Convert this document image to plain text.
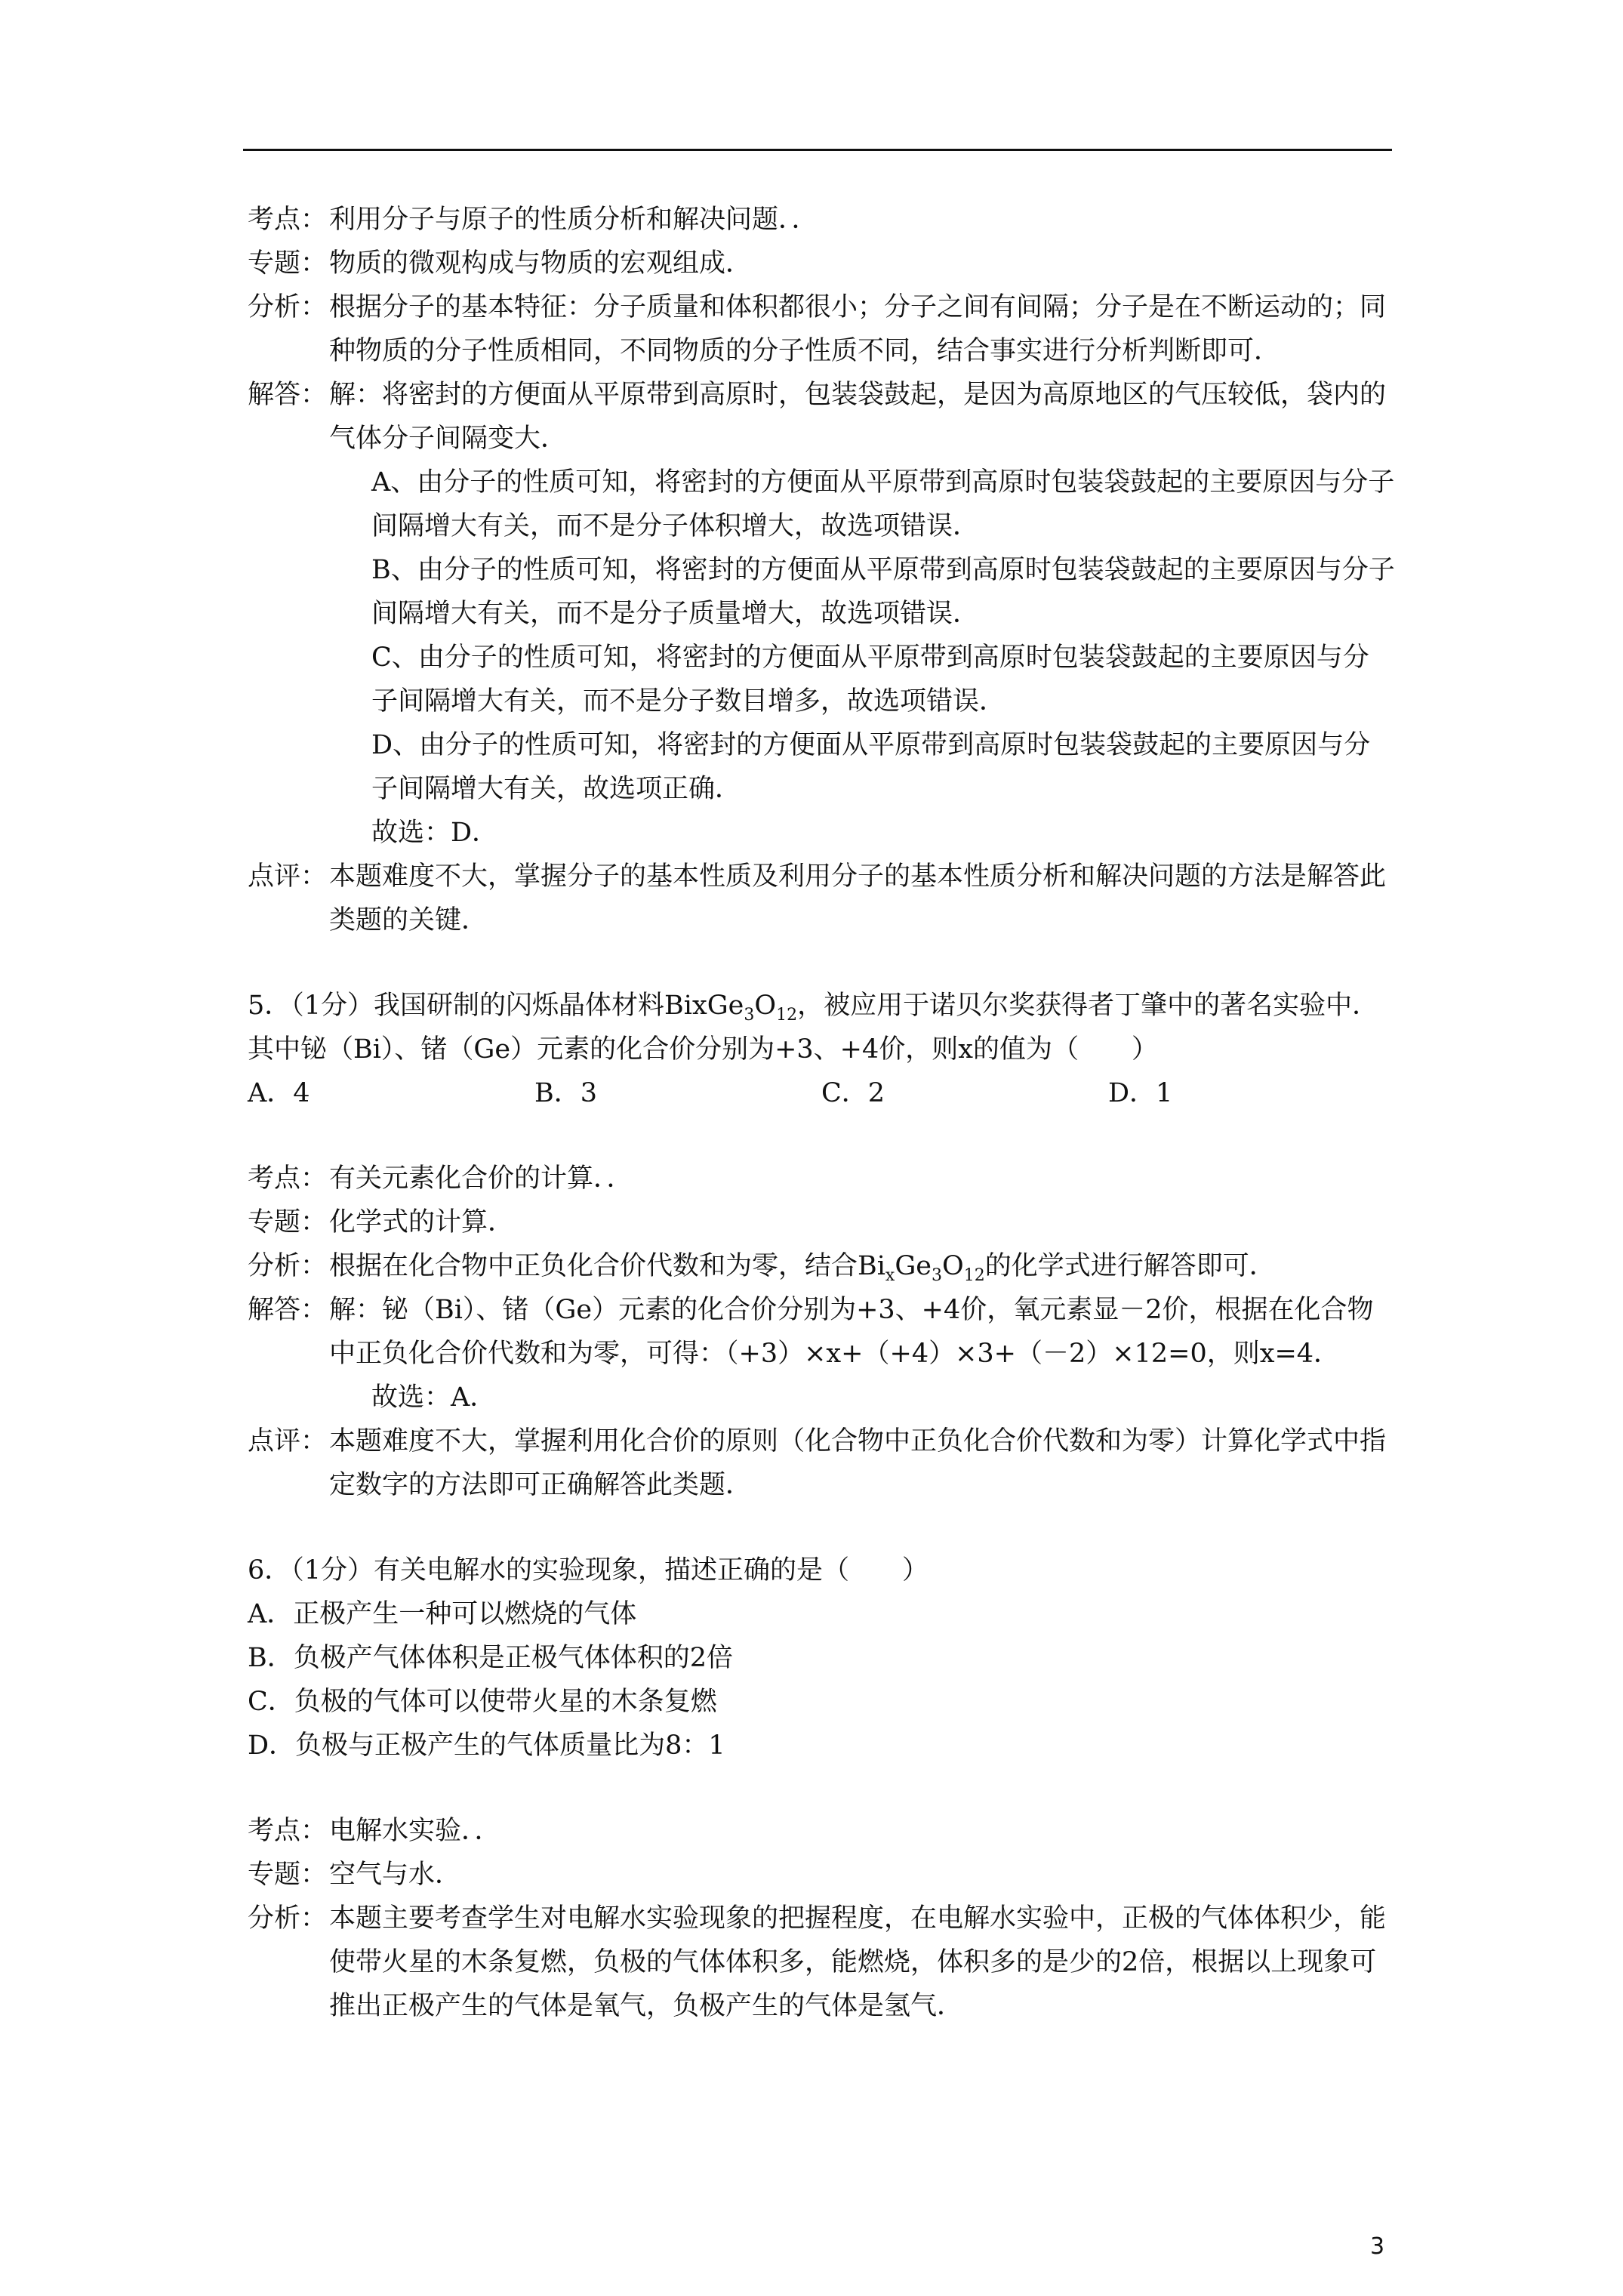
考点： 利用分子与原子的性质分析和解决问题．．
专题： 物质的微观构成与物质的宏观组成．
分析： 根据分子的基本特征：分子质量和体积都很小；分子之间有间隔；分子是在不断运动的；同种物质的分子性质相同，不同物质的分子性质不同，结合事实进行分析判断即可．
解答： 解：将密封的方便面从平原带到高原时，包装袋鼓起，是因为高原地区的气压较低，袋内的气体分子间隔变大．

A、由分子的性质可知，将密封的方便面从平原带到高原时包装袋鼓起的主要原因与分子间隔增大有关，而不是分子体积增大，故选项错误．

B、由分子的性质可知，将密封的方便面从平原带到高原时包装袋鼓起的主要原因与分子间隔增大有关，而不是分子质量增大，故选项错误．

C、由分子的性质可知，将密封的方便面从平原带到高原时包装袋鼓起的主要原因与分子间隔增大有关，而不是分子数目增多，故选项错误．

D、由分子的性质可知，将密封的方便面从平原带到高原时包装袋鼓起的主要原因与分子间隔增大有关，故选项正确．

故选：D．

点评： 本题难度不大，掌握分子的基本性质及利用分子的基本性质分析和解决问题的方法是解答此类题的关键．

5．（1分）我国研制的闪烁晶体材料$BixGe_3O_{12}$，被应用于诺贝尔奖获得者丁肇中的著名实验中．其中铋（Bi）、锗（Ge）元素的化合价分别为+3、+4价，则x的值为（　　）

A．4	B．3	C．2	D．1
考点： 有关元素化合价的计算．．
专题： 化学式的计算．
分析： 根据在化合物中正负化合价代数和为零，结合$Bi_xGe_3O_{12}$的化学式进行解答即可．
解答： 解：铋（Bi）、锗（Ge）元素的化合价分别为+3、+4价，氧元素显－2价，根据在化合物中正负化合价代数和为零，可得：（+3）×x+（+4）×3+（－2）×12=0，则x=4．

故选：A．

点评： 本题难度不大，掌握利用化合价的原则（化合物中正负化合价代数和为零）计算化学式中指定数字的方法即可正确解答此类题．

6．（1分）有关电解水的实验现象，描述正确的是（　　）

A．正极产生一种可以燃烧的气体

B．负极产气体体积是正极气体体积的2倍

C．负极的气体可以使带火星的木条复燃

D．负极与正极产生的气体质量比为8：1

考点： 电解水实验．．
专题： 空气与水．
分析： 本题主要考查学生对电解水实验现象的把握程度，在电解水实验中，正极的气体体积少，能使带火星的木条复燃，负极的气体体积多，能燃烧，体积多的是少的2倍，根据以上现象可推出正极产生的气体是氧气，负极产生的气体是氢气．
3
